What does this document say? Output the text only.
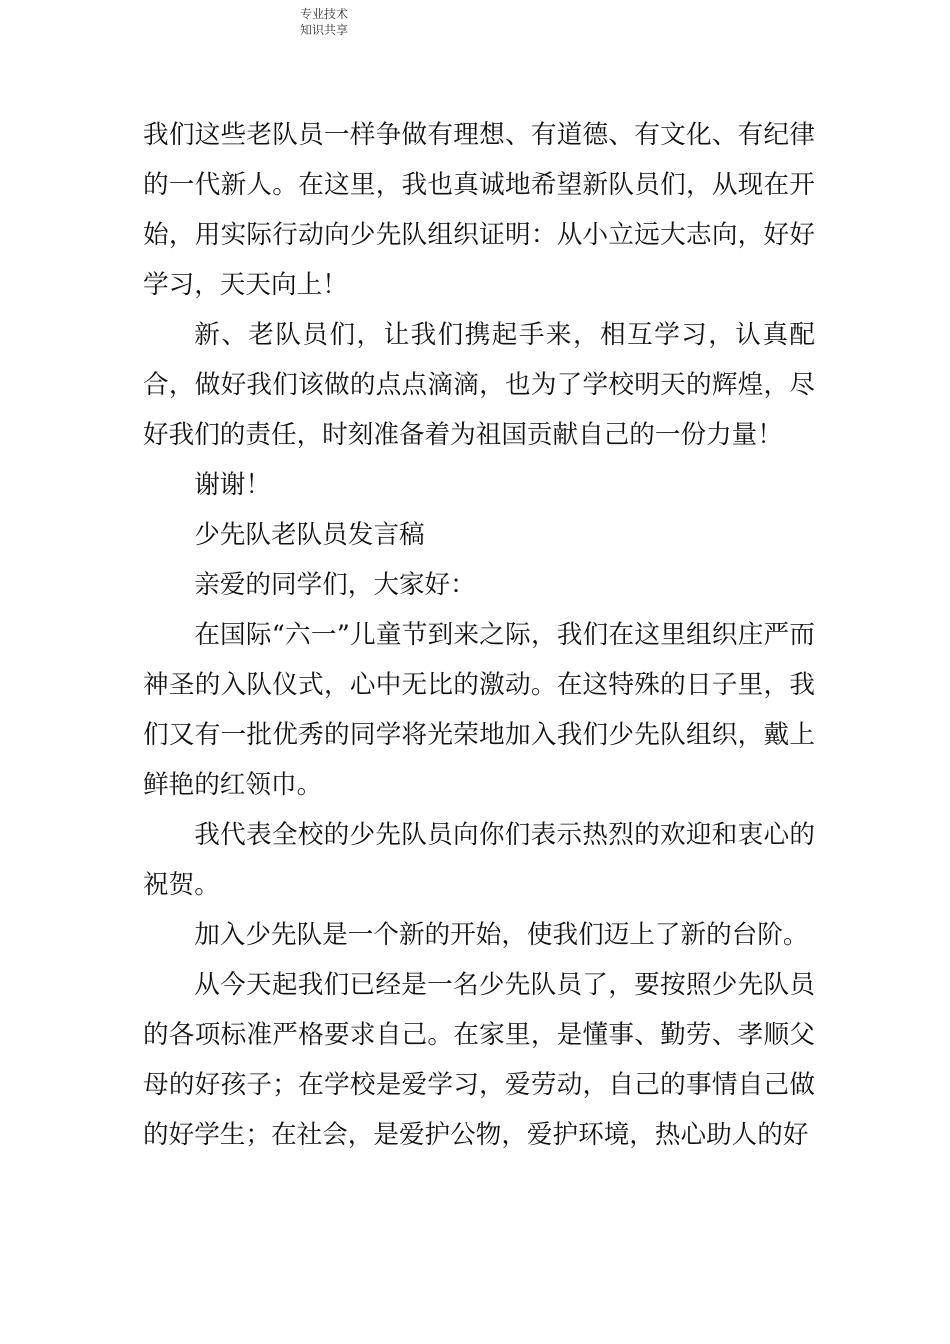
专业技术知识共享

我们这些老队员一样争做有理想、有道德、有文化、有纪律的一代新人。在这里，我也真诚地希望新队员们，从现在开始，用实际行动向少先队组织证明：从小立远大志向，好好学习，天天向上！

新、老队员们，让我们携起手来，相互学习，认真配合，做好我们该做的点点滴滴，也为了学校明天的辉煌，尽好我们的责任，时刻准备着为祖国贡献自己的一份力量！

谢谢！

少先队老队员发言稿

亲爱的同学们，大家好：

在国际“六一”儿童节到来之际，我们在这里组织庄严而神圣的入队仪式，心中无比的激动。在这特殊的日子里，我们又有一批优秀的同学将光荣地加入我们少先队组织，戴上鲜艳的红领巾。

我代表全校的少先队员向你们表示热烈的欢迎和衷心的祝贺。

加入少先队是一个新的开始，使我们迈上了新的台阶。

从今天起我们已经是一名少先队员了，要按照少先队员的各项标准严格要求自己。在家里，是懂事、勤劳、孝顺父母的好孩子；在学校是爱学习，爱劳动，自己的事情自己做的好学生；在社会，是爱护公物，爱护环境，热心助人的好
